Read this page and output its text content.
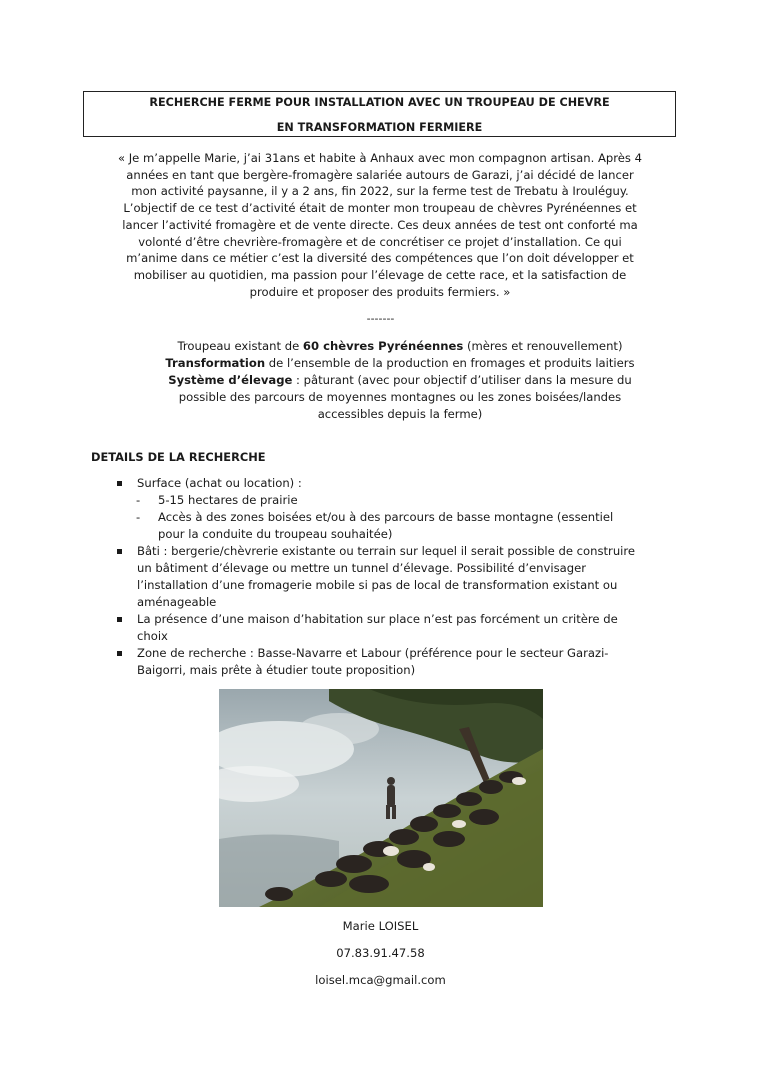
RECHERCHE FERME POUR INSTALLATION AVEC UN TROUPEAU DE CHEVRE
EN TRANSFORMATION FERMIERE
« Je m’appelle Marie, j’ai 31ans et habite à Anhaux avec mon compagnon artisan. Après 4
années en tant que bergère-fromagère salariée autours de Garazi, j’ai décidé de lancer
mon activité paysanne, il y a 2 ans, fin 2022, sur la ferme test de Trebatu à Irouléguy.
L’objectif de ce test d’activité était de monter mon troupeau de chèvres Pyrénéennes et
lancer l’activité fromagère et de vente directe. Ces deux années de test ont conforté ma
volonté d’être chevrière-fromagère et de concrétiser ce projet d’installation. Ce qui
m’anime dans ce métier c’est la diversité des compétences que l’on doit développer et
mobiliser au quotidien, ma passion pour l’élevage de cette race, et la satisfaction de
produire et proposer des produits fermiers. »
-------
Troupeau existant de 60 chèvres Pyrénéennes (mères et renouvellement)
Transformation de l’ensemble de la production en fromages et produits laitiers
Système d’élevage : pâturant (avec pour objectif d’utiliser dans la mesure du
possible des parcours de moyennes montagnes ou les zones boisées/landes
accessibles depuis la ferme)
DETAILS DE LA RECHERCHE
Surface (achat ou location) :
- 5-15 hectares de prairie
- Accès à des zones boisées et/ou à des parcours de basse montagne (essentiel
pour la conduite du troupeau souhaitée)
Bâti : bergerie/chèvrerie existante ou terrain sur lequel il serait possible de construire
un bâtiment d’élevage ou mettre un tunnel d’élevage. Possibilité d’envisager
l’installation d’une fromagerie mobile si pas de local de transformation existant ou
aménageable
La présence d’une maison d’habitation sur place n’est pas forcément un critère de
choix
Zone de recherche : Basse-Navarre et Labour (préférence pour le secteur Garazi-
Baigorri, mais prête à étudier toute proposition)
Marie LOISEL
07.83.91.47.58
loisel.mca@gmail.com
